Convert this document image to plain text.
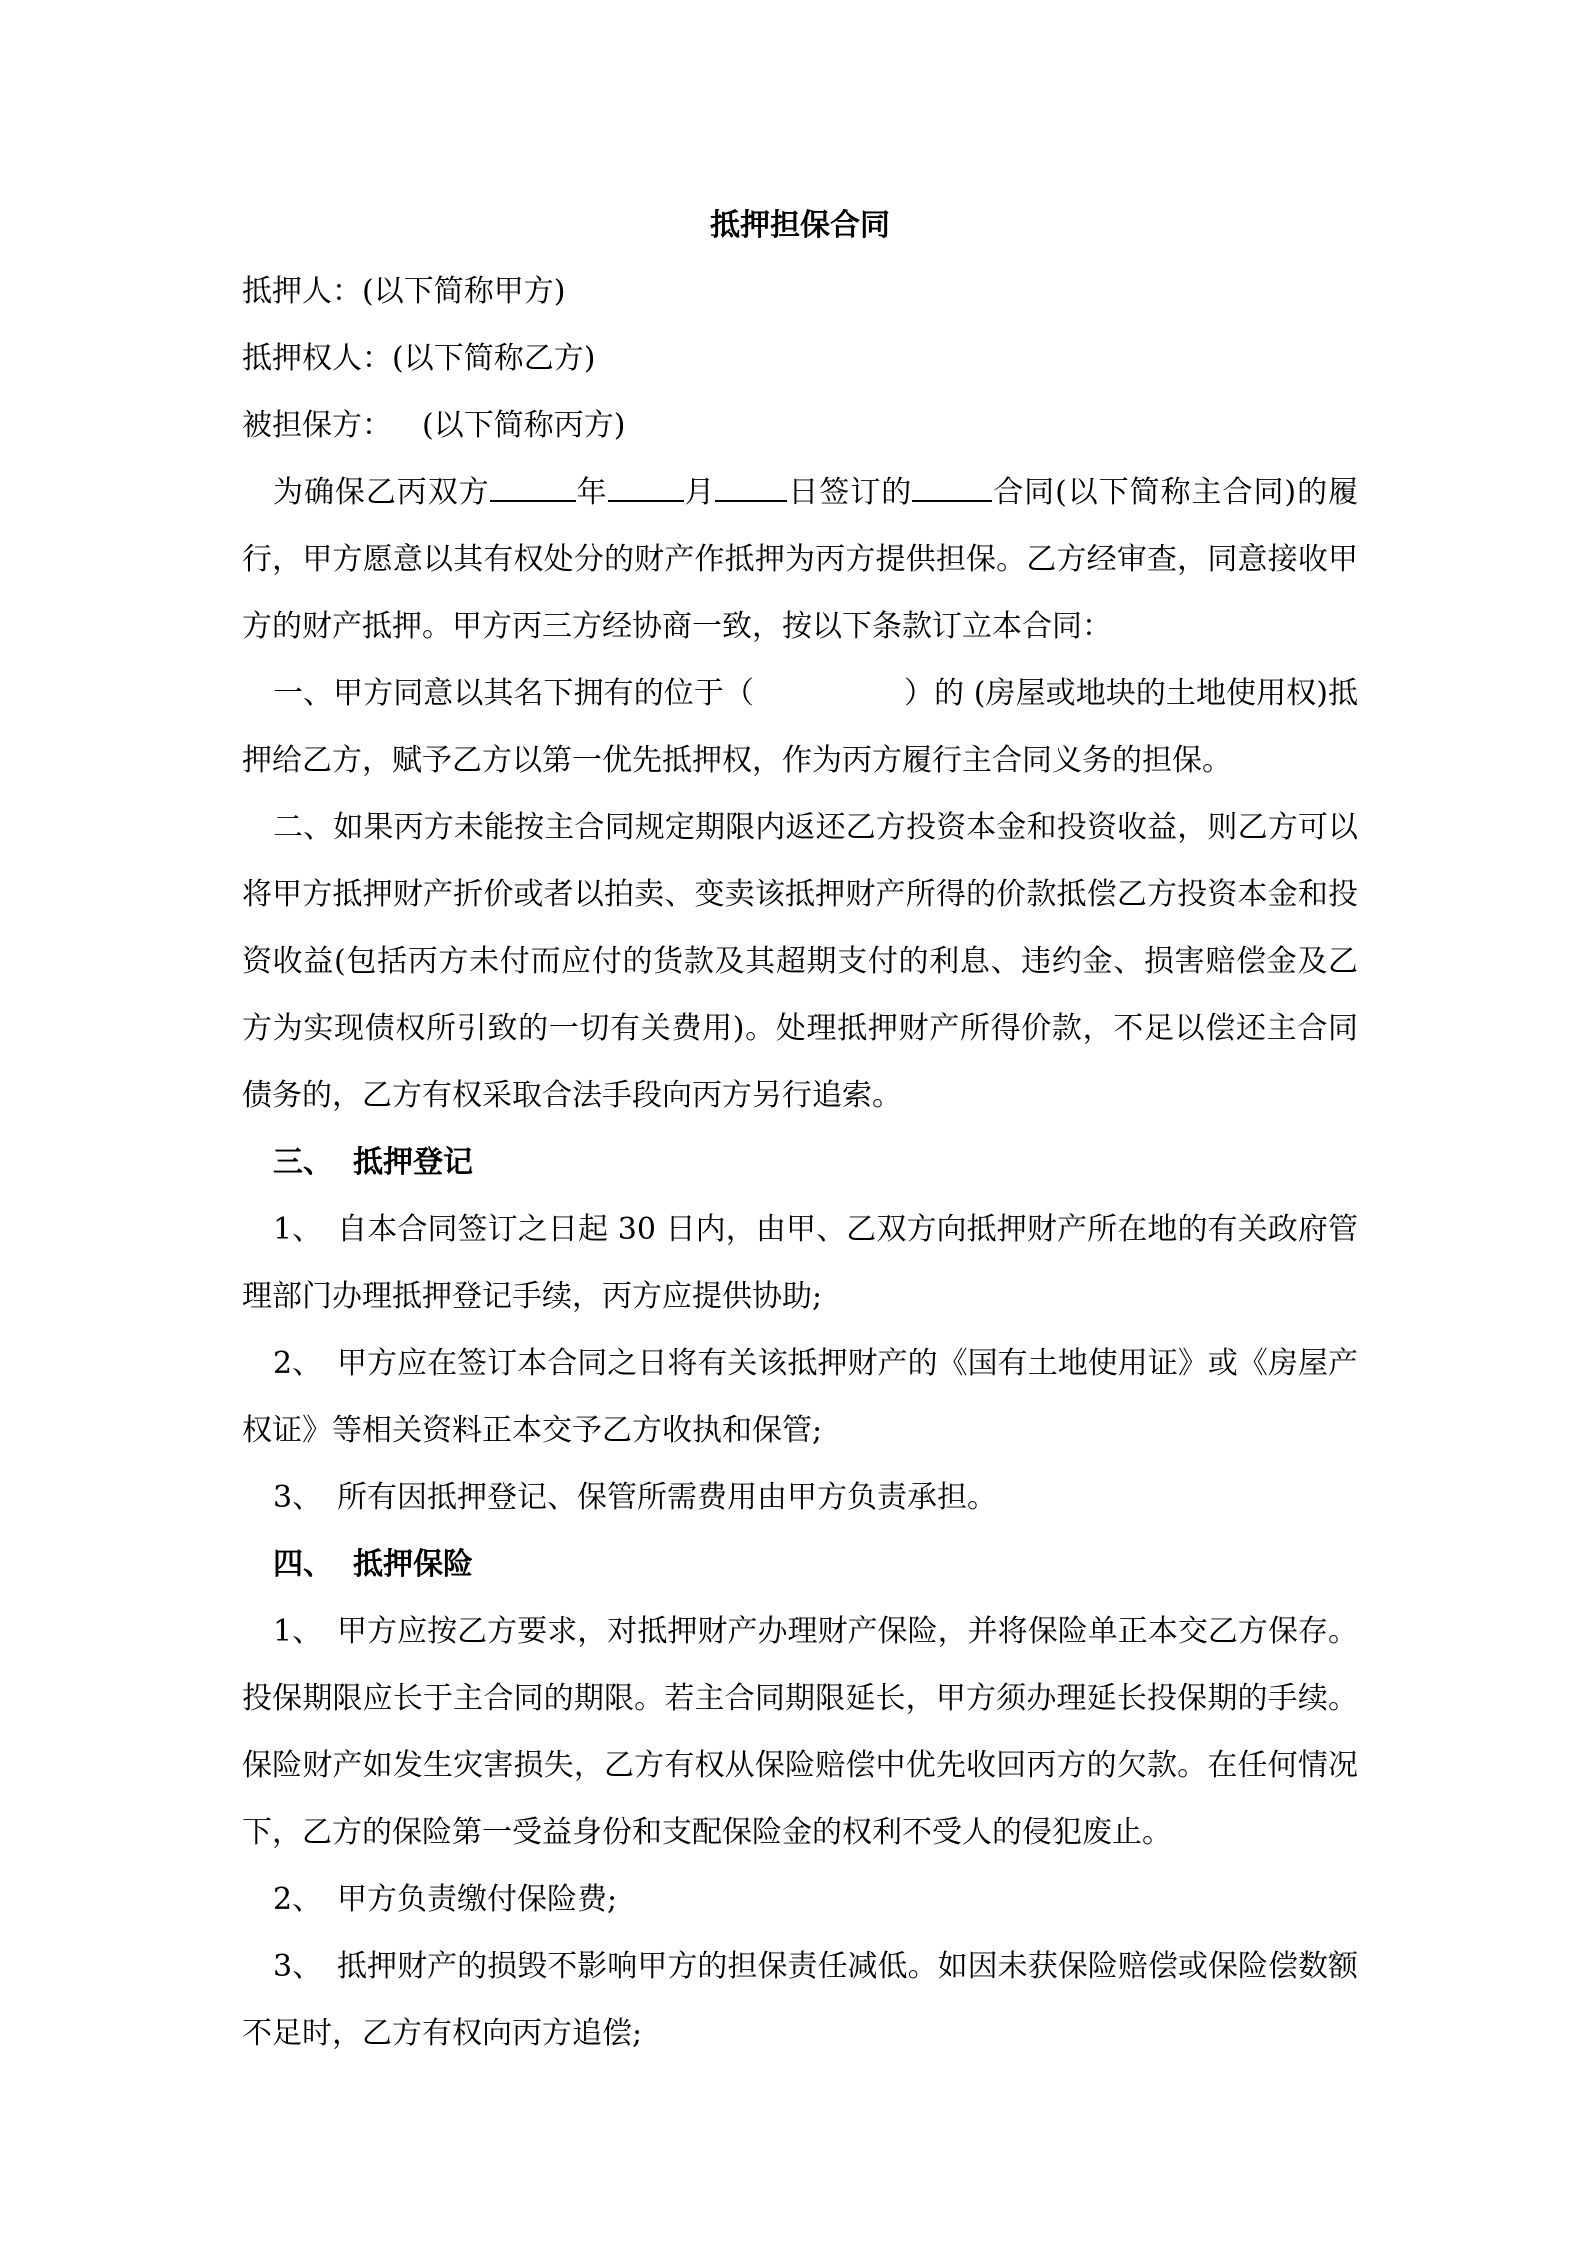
抵押担保合同

抵押人：(以下简称甲方)

抵押权人：(以下简称乙方)

被担保方： (以下简称丙方)

为确保乙丙双方	年	月 日签订的	合同(以下简称主合同)的履行，甲方愿意以其有权处分的财产作抵押为丙方提供担保。乙方经审查，同意接收甲方的财产抵押。甲方丙三方经协商一致，按以下条款订立本合同：

一、甲方同意以其名下拥有的位于（	）的 (房屋或地块的土地使用权)抵押给乙方，赋予乙方以第一优先抵押权，作为丙方履行主合同义务的担保。

二、如果丙方未能按主合同规定期限内返还乙方投资本金和投资收益，则乙方可以将甲方抵押财产折价或者以拍卖、变卖该抵押财产所得的价款抵偿乙方投资本金和投资收益(包括丙方未付而应付的货款及其超期支付的利息、违约金、损害赔偿金及乙方为实现债权所引致的一切有关费用)。处理抵押财产所得价款，不足以偿还主合同债务的，乙方有权采取合法手段向丙方另行追索。

三、 抵押登记

1、 自本合同签订之日起 30 日内，由甲、乙双方向抵押财产所在地的有关政府管理部门办理抵押登记手续，丙方应提供协助;

2、 甲方应在签订本合同之日将有关该抵押财产的《国有土地使用证》或《房屋产权证》等相关资料正本交予乙方收执和保管;

3、 所有因抵押登记、保管所需费用由甲方负责承担。

四、 抵押保险

1、 甲方应按乙方要求，对抵押财产办理财产保险，并将保险单正本交乙方保存。投保期限应长于主合同的期限。若主合同期限延长，甲方须办理延长投保期的手续。保险财产如发生灾害损失，乙方有权从保险赔偿中优先收回丙方的欠款。在任何情况下，乙方的保险第一受益身份和支配保险金的权利不受人的侵犯废止。

2、 甲方负责缴付保险费;

3、 抵押财产的损毁不影响甲方的担保责任减低。如因未获保险赔偿或保险偿数额不足时，乙方有权向丙方追偿;
